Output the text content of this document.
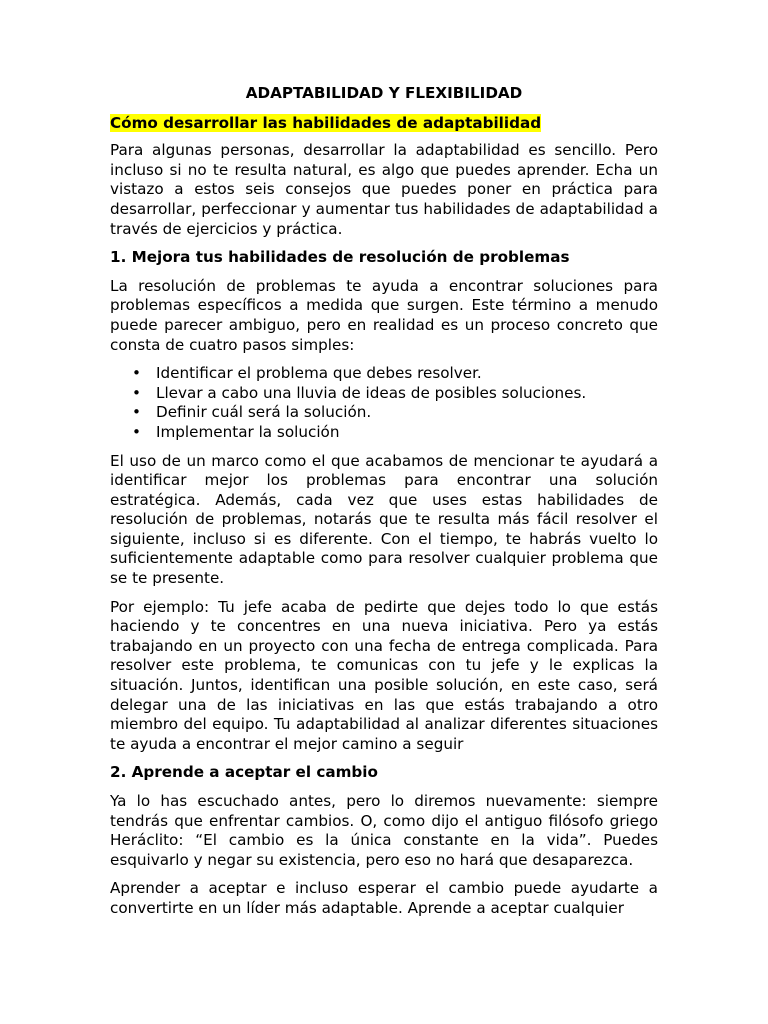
ADAPTABILIDAD Y FLEXIBILIDAD
Cómo desarrollar las habilidades de adaptabilidad

Para algunas personas, desarrollar la adaptabilidad es sencillo. Pero incluso si no te resulta natural, es algo que puedes aprender. Echa un vistazo a estos seis consejos que puedes poner en práctica para desarrollar, perfeccionar y aumentar tus habilidades de adaptabilidad a través de ejercicios y práctica.

1. Mejora tus habilidades de resolución de problemas

La resolución de problemas te ayuda a encontrar soluciones para problemas específicos a medida que surgen. Este término a menudo puede parecer ambiguo, pero en realidad es un proceso concreto que consta de cuatro pasos simples:

• Identificar el problema que debes resolver.
• Llevar a cabo una lluvia de ideas de posibles soluciones.
• Definir cuál será la solución.
• Implementar la solución

El uso de un marco como el que acabamos de mencionar te ayudará a identificar mejor los problemas para encontrar una solución estratégica. Además, cada vez que uses estas habilidades de resolución de problemas, notarás que te resulta más fácil resolver el siguiente, incluso si es diferente. Con el tiempo, te habrás vuelto lo suficientemente adaptable como para resolver cualquier problema que se te presente.

Por ejemplo: Tu jefe acaba de pedirte que dejes todo lo que estás haciendo y te concentres en una nueva iniciativa. Pero ya estás trabajando en un proyecto con una fecha de entrega complicada. Para resolver este problema, te comunicas con tu jefe y le explicas la situación. Juntos, identifican una posible solución, en este caso, será delegar una de las iniciativas en las que estás trabajando a otro miembro del equipo. Tu adaptabilidad al analizar diferentes situaciones te ayuda a encontrar el mejor camino a seguir

2. Aprende a aceptar el cambio

Ya lo has escuchado antes, pero lo diremos nuevamente: siempre tendrás que enfrentar cambios. O, como dijo el antiguo filósofo griego Heráclito: “El cambio es la única constante en la vida”. Puedes esquivarlo y negar su existencia, pero eso no hará que desaparezca.

Aprender a aceptar e incluso esperar el cambio puede ayudarte a convertirte en un líder más adaptable. Aprende a aceptar cualquier
